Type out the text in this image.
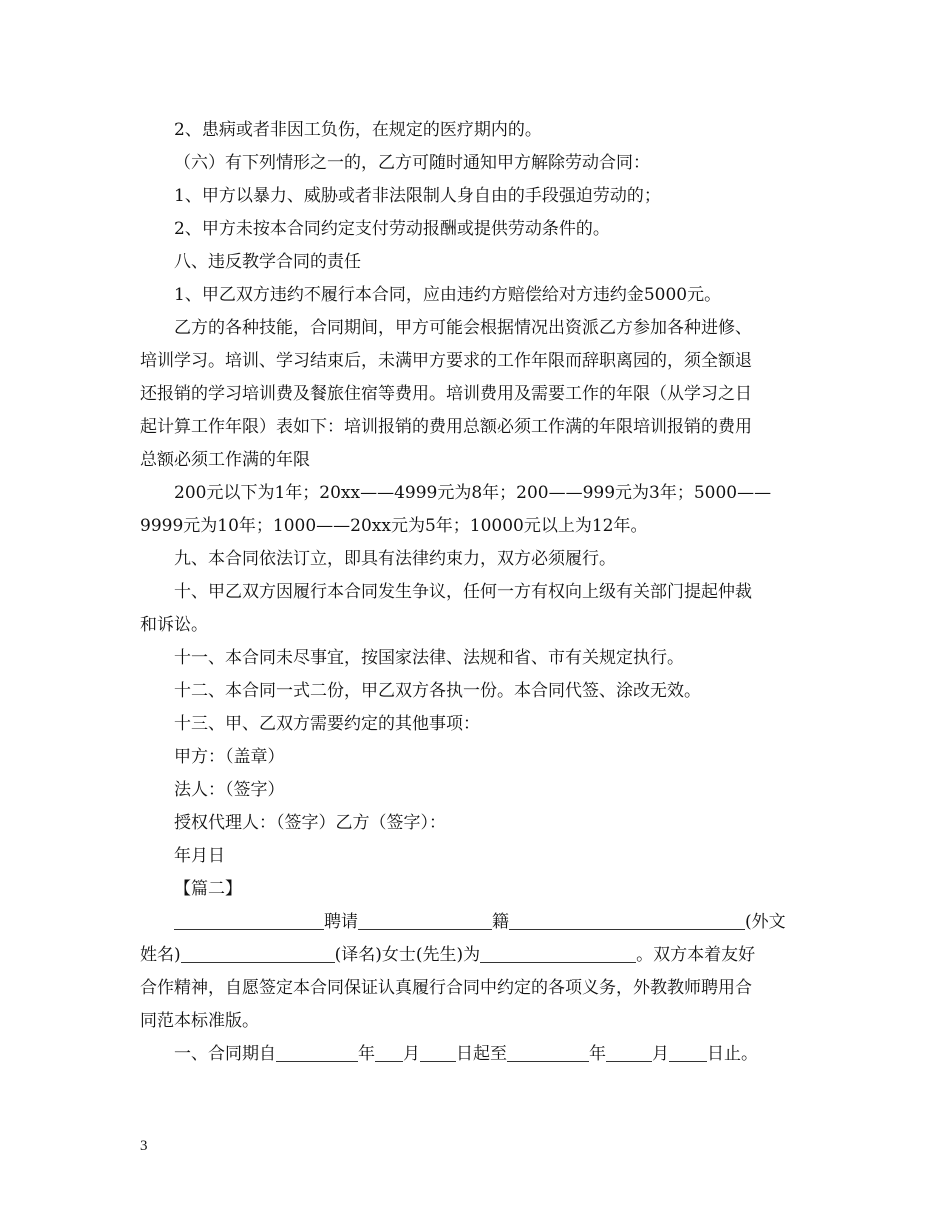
2、患病或者非因工负伤，在规定的医疗期内的。

（六）有下列情形之一的，乙方可随时通知甲方解除劳动合同：

1、甲方以暴力、威胁或者非法限制人身自由的手段强迫劳动的；

2、甲方未按本合同约定支付劳动报酬或提供劳动条件的。

八、违反教学合同的责任

1、甲乙双方违约不履行本合同，应由违约方赔偿给对方违约金5000元。

乙方的各种技能，合同期间，甲方可能会根据情况出资派乙方参加各种进修、

培训学习。培训、学习结束后，未满甲方要求的工作年限而辞职离园的，须全额退

还报销的学习培训费及餐旅住宿等费用。培训费用及需要工作的年限（从学习之日

起计算工作年限）表如下：培训报销的费用总额必须工作满的年限培训报销的费用

总额必须工作满的年限

200元以下为1年；20xx——4999元为8年；200——999元为3年；5000——

9999元为10年；1000——20xx元为5年；10000元以上为12年。

九、本合同依法订立，即具有法律约束力，双方必须履行。

十、甲乙双方因履行本合同发生争议，任何一方有权向上级有关部门提起仲裁

和诉讼。

十一、本合同未尽事宜，按国家法律、法规和省、市有关规定执行。

十二、本合同一式二份，甲乙双方各执一份。本合同代签、涂改无效。

十三、甲、乙双方需要约定的其他事项：

甲方：（盖章）

法人：（签字）

授权代理人：（签字）乙方（签字）：

年月日

【篇二】

聘请	籍	(外文

姓名)	(译名)女士(先生)为	。双方本着友好

合作精神，自愿签定本合同保证认真履行合同中约定的各项义务，外教教师聘用合

同范本标准版。

一、合同期自	年 月 日起至	年	月 日止。

3
